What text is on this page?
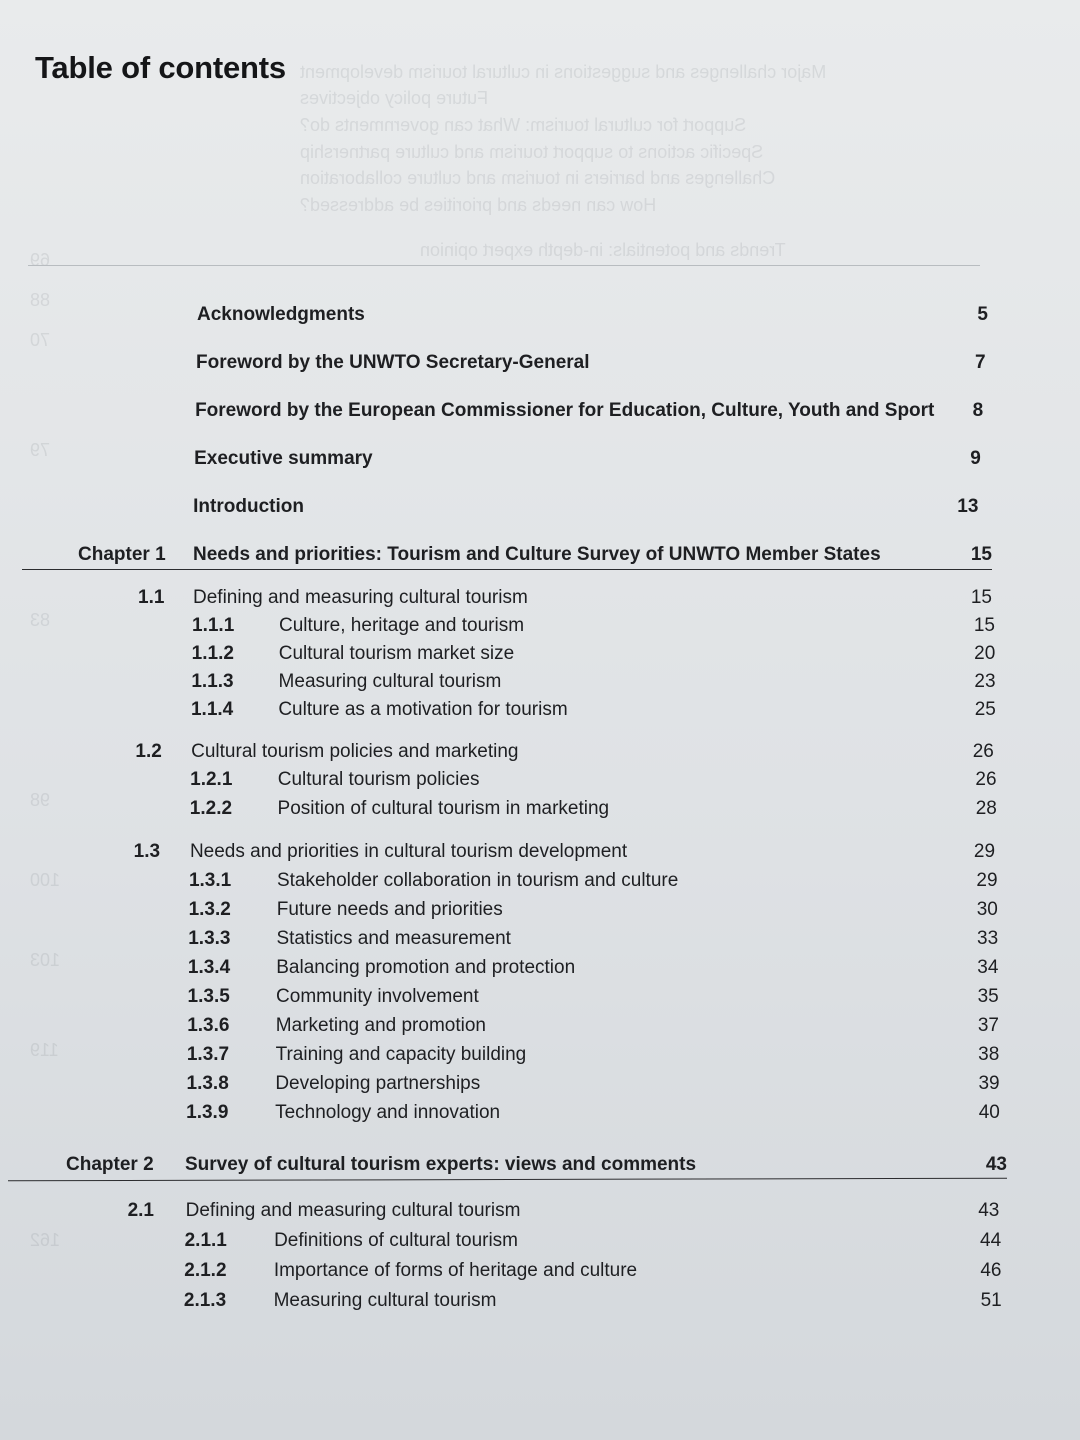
Major challenges and suggestions in cultural tourism development
Future policy objectives
Support for cultural tourism: What can governments do?
Specific actions to support tourism and culture partnership
Challenges and barriers in tourism and culture collaboration
How can needs and priorities be addressed?
Trends and potentials: in-depth expert opinion
69
88
70
79
83
98
100
103
119
162
Table of contents
Acknowledgments	5
Foreword by the UNWTO Secretary-General	7
Foreword by the European Commissioner for Education, Culture, Youth and Sport 8
Executive summary	9
Introduction	13
Chapter 1 Needs and priorities: Tourism and Culture Survey of UNWTO Member States	15
1.1 Defining and measuring cultural tourism	15
1.1.1 Culture, heritage and tourism	15
1.1.2 Cultural tourism market size	20
1.1.3 Measuring cultural tourism	23
1.1.4 Culture as a motivation for tourism	25
1.2 Cultural tourism policies and marketing	26
1.2.1 Cultural tourism policies	26
1.2.2 Position of cultural tourism in marketing	28
1.3 Needs and priorities in cultural tourism development	29
1.3.1 Stakeholder collaboration in tourism and culture	29
1.3.2 Future needs and priorities	30
1.3.3 Statistics and measurement	33
1.3.4 Balancing promotion and protection	34
1.3.5 Community involvement	35
1.3.6 Marketing and promotion	37
1.3.7 Training and capacity building	38
1.3.8 Developing partnerships	39
1.3.9 Technology and innovation	40
Chapter 2 Survey of cultural tourism experts: views and comments	43
2.1 Defining and measuring cultural tourism	43
2.1.1 Definitions of cultural tourism	44
2.1.2 Importance of forms of heritage and culture	46
2.1.3 Measuring cultural tourism	51
